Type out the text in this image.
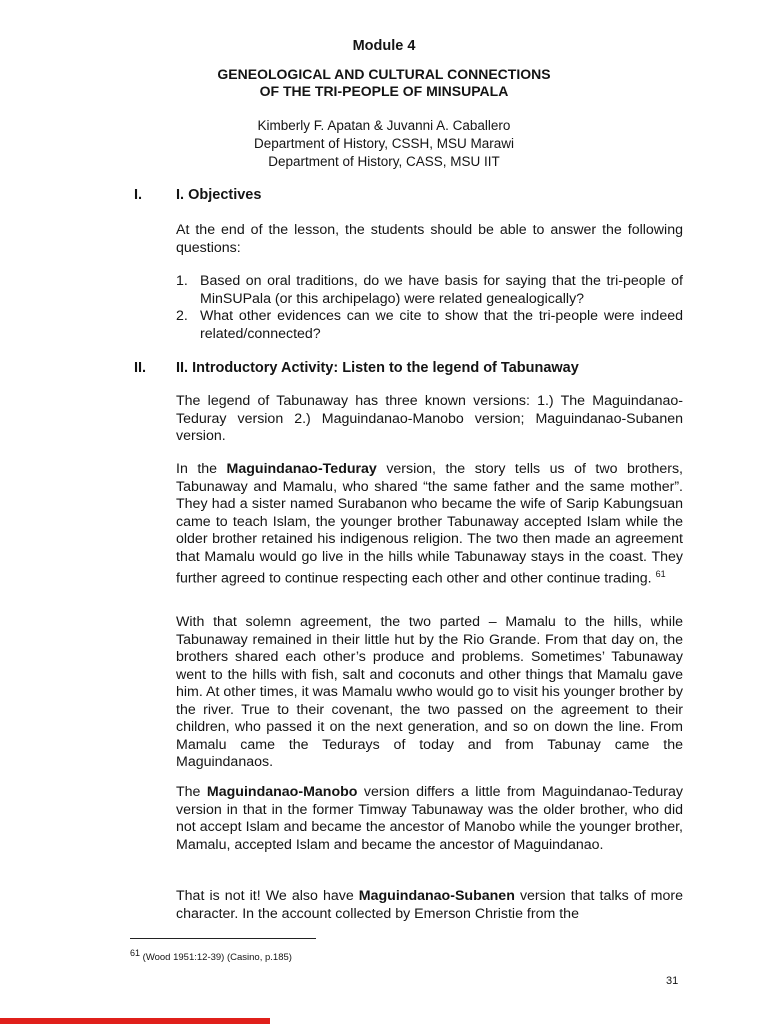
Module 4
GENEOLOGICAL AND CULTURAL CONNECTIONS
OF THE TRI-PEOPLE OF MINSUPALA
Kimberly F. Apatan & Juvanni A. Caballero
Department of History, CSSH, MSU Marawi
Department of History, CASS, MSU IIT
I. I. Objectives
At the end of the lesson, the students should be able to answer the following questions:
1. Based on oral traditions, do we have basis for saying that the tri-people of MinSUPala (or this archipelago) were related genealogically?
2. What other evidences can we cite to show that the tri-people were indeed related/connected?
II. II. Introductory Activity: Listen to the legend of Tabunaway
The legend of Tabunaway has three known versions: 1.) The Maguindanao-Teduray version 2.) Maguindanao-Manobo version; Maguindanao-Subanen version.
In the Maguindanao-Teduray version, the story tells us of two brothers, Tabunaway and Mamalu, who shared “the same father and the same mother”. They had a sister named Surabanon who became the wife of Sarip Kabungsuan came to teach Islam, the younger brother Tabunaway accepted Islam while the older brother retained his indigenous religion. The two then made an agreement that Mamalu would go live in the hills while Tabunaway stays in the coast. They further agreed to continue respecting each other and other continue trading. $^{61}$
With that solemn agreement, the two parted – Mamalu to the hills, while Tabunaway remained in their little hut by the Rio Grande. From that day on, the brothers shared each other’s produce and problems. Sometimes’ Tabunaway went to the hills with fish, salt and coconuts and other things that Mamalu gave him. At other times, it was Mamalu wwho would go to visit his younger brother by the river. True to their covenant, the two passed on the agreement to their children, who passed it on the next generation, and so on down the line. From Mamalu came the Tedurays of today and from Tabunay came the Maguindanaos.
The Maguindanao-Manobo version differs a little from Maguindanao-Teduray version in that in the former Timway Tabunaway was the older brother, who did not accept Islam and became the ancestor of Manobo while the younger brother, Mamalu, accepted Islam and became the ancestor of Maguindanao.
That is not it! We also have Maguindanao-Subanen version that talks of more character. In the account collected by Emerson Christie from the
$^{61}$ (Wood 1951:12-39) (Casino, p.185)
31
